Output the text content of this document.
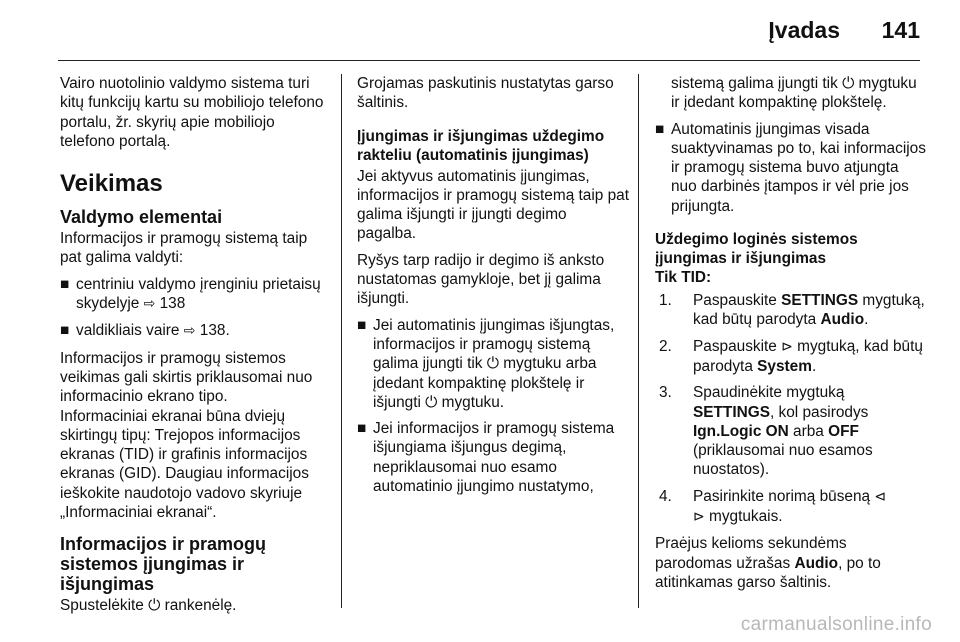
Įvadas 141

Vairo nuotolinio valdymo sistema turi kitų funkcijų kartu su mobiliojo telefono portalu, žr. skyrių apie mobiliojo telefono portalą.

Veikimas
Valdymo elementai

Informacijos ir pramogų sistemą taip pat galima valdyti:

■ centriniu valdymo įrenginiu prietaisų skydelyje ⇨ 138
■ valdikliais vaire ⇨ 138.

Informacijos ir pramogų sistemos veikimas gali skirtis priklausomai nuo informacinio ekrano tipo.

Informaciniai ekranai būna dviejų skirtingų tipų: Trejopos informacijos ekranas (TID) ir grafinis informacijos ekranas (GID). Daugiau informacijos ieškokite naudotojo vadovo skyriuje „Informaciniai ekranai“.

Informacijos ir pramogų sistemos įjungimas ir išjungimas

Spustelėkite ⏻ rankenėlę.

Grojamas paskutinis nustatytas garso šaltinis.

Įjungimas ir išjungimas uždegimo rakteliu (automatinis įjungimas)

Jei aktyvus automatinis įjungimas, informacijos ir pramogų sistemą taip pat galima išjungti ir įjungti degimo pagalba.

Ryšys tarp radijo ir degimo iš anksto nustatomas gamykloje, bet jį galima išjungti.

■ Jei automatinis įjungimas išjungtas, informacijos ir pramogų sistemą galima įjungti tik ⏻ mygtuku arba įdedant kompaktinę plokštelę ir išjungti ⏻ mygtuku.
■ Jei informacijos ir pramogų sistema išjungiama išjungus degimą, nepriklausomai nuo esamo automatinio įjungimo nustatymo,

sistemą galima įjungti tik ⏻ mygtuku ir įdedant kompaktinę plokštelę.

■ Automatinis įjungimas visada suaktyvinamas po to, kai informacijos ir pramogų sistema buvo atjungta nuo darbinės įtampos ir vėl prie jos prijungta.
Uždegimo loginės sistemos įjungimas ir išjungimas
Tik TID:
1. Paspauskite SETTINGS mygtuką, kad būtų parodyta Audio.
2. Paspauskite ⊳ mygtuką, kad būtų parodyta System.
3. Spaudinėkite mygtuką SETTINGS, kol pasirodys Ign.Logic ON arba OFF (priklausomai nuo esamos nuostatos).
4. Pasirinkite norimą būseną ⊲
⊳ mygtukais.

Praėjus kelioms sekundėms parodomas užrašas Audio, po to atitinkamas garso šaltinis.

carmanualsonline.info
